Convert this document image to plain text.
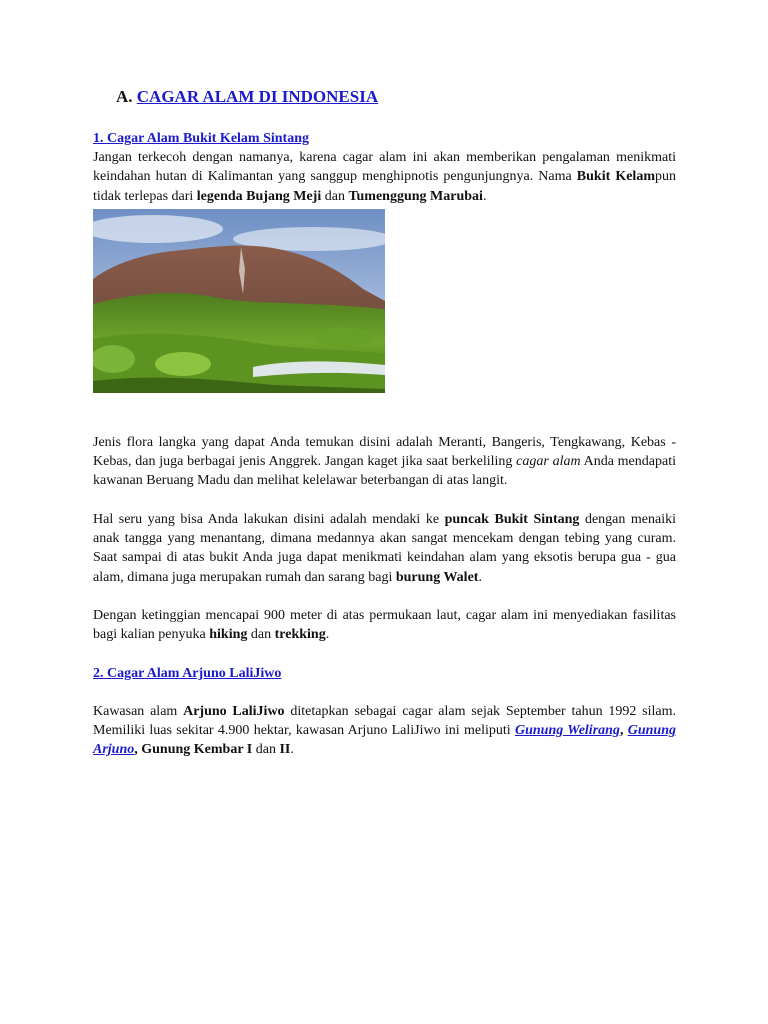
A. CAGAR ALAM DI INDONESIA
1. Cagar Alam Bukit Kelam Sintang

Jangan terkecoh dengan namanya, karena cagar alam ini akan memberikan pengalaman menikmati keindahan hutan di Kalimantan yang sanggup menghipnotis pengunjungnya. Nama Bukit Kelampun tidak terlepas dari legenda Bujang Meji dan Tumenggung Marubai.

Jenis flora langka yang dapat Anda temukan disini adalah Meranti, Bangeris, Tengkawang, Kebas - Kebas, dan juga berbagai jenis Anggrek. Jangan kaget jika saat berkeliling cagar alam Anda mendapati kawanan Beruang Madu dan melihat kelelawar beterbangan di atas langit.

Hal seru yang bisa Anda lakukan disini adalah mendaki ke puncak Bukit Sintang dengan menaiki anak tangga yang menantang, dimana medannya akan sangat mencekam dengan tebing yang curam. Saat sampai di atas bukit Anda juga dapat menikmati keindahan alam yang eksotis berupa gua - gua alam, dimana juga merupakan rumah dan sarang bagi burung Walet.

Dengan ketinggian mencapai 900 meter di atas permukaan laut, cagar alam ini menyediakan fasilitas bagi kalian penyuka hiking dan trekking.

2. Cagar Alam Arjuno LaliJiwo

Kawasan alam Arjuno LaliJiwo ditetapkan sebagai cagar alam sejak September tahun 1992 silam. Memiliki luas sekitar 4.900 hektar, kawasan Arjuno LaliJiwo ini meliputi Gunung Welirang, Gunung Arjuno, Gunung Kembar I dan II.
